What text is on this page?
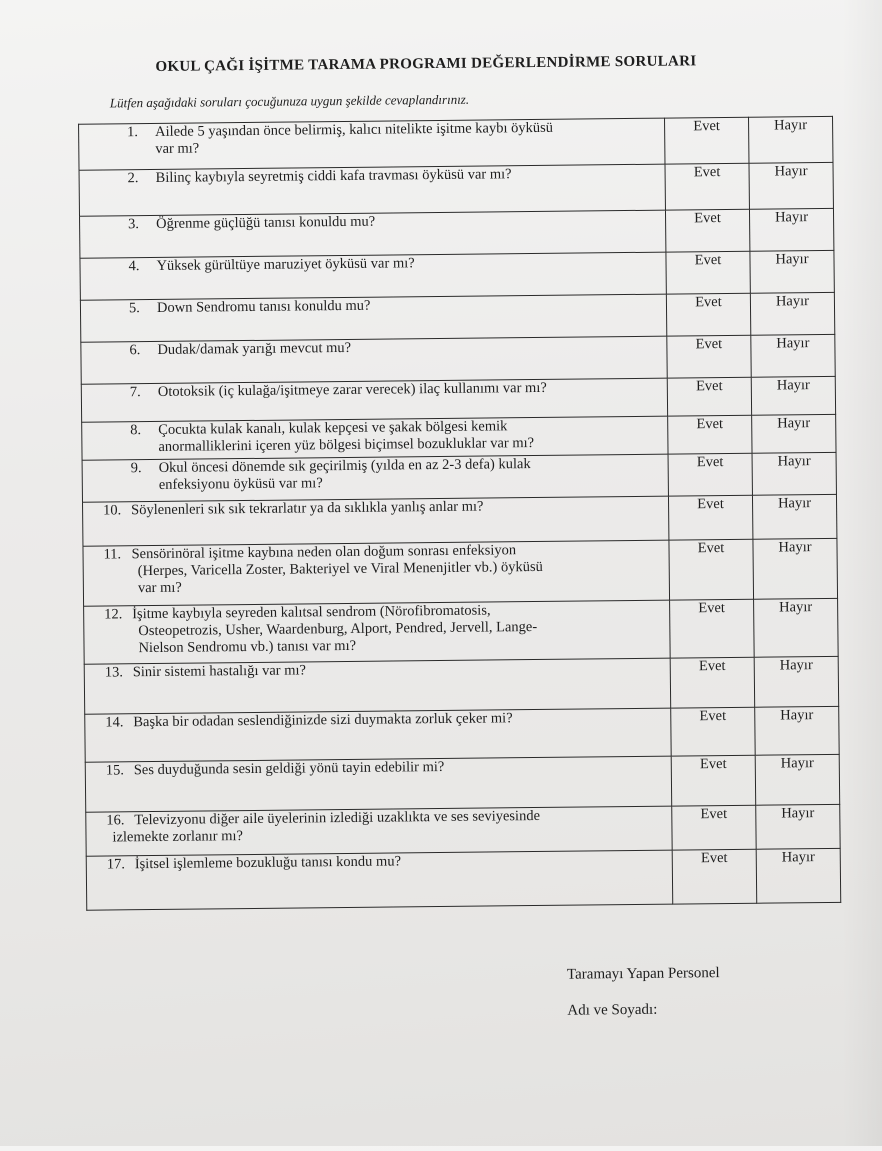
OKUL ÇAĞI İŞİTME TARAMA PROGRAMI DEĞERLENDİRME SORULARI
Lütfen aşağıdaki soruları çocuğunuza uygun şekilde cevaplandırınız.
1. Ailede 5 yaşından önce belirmiş, kalıcı nitelikte işitme kaybı öyküsü
var mı?	Evet	Hayır

2. Bilinç kaybıyla seyretmiş ciddi kafa travması öyküsü var mı?	Evet	Hayır

3. Öğrenme güçlüğü tanısı konuldu mu?	Evet	Hayır

4. Yüksek gürültüye maruziyet öyküsü var mı?	Evet	Hayır

5. Down Sendromu tanısı konuldu mu?	Evet	Hayır

6. Dudak/damak yarığı mevcut mu?	Evet	Hayır

7. Ototoksik (iç kulağa/işitmeye zarar verecek) ilaç kullanımı var mı?	Evet	Hayır

8. Çocukta kulak kanalı, kulak kepçesi ve şakak bölgesi kemik
anormalliklerini içeren yüz bölgesi biçimsel bozukluklar var mı?	Evet	Hayır

9. Okul öncesi dönemde sık geçirilmiş (yılda en az 2-3 defa) kulak
enfeksiyonu öyküsü var mı?	Evet	Hayır

10. Söylenenleri sık sık tekrarlatır ya da sıklıkla yanlış anlar mı?	Evet	Hayır

11. Sensörinöral işitme kaybına neden olan doğum sonrası enfeksiyon
(Herpes, Varicella Zoster, Bakteriyel ve Viral Menenjitler vb.) öyküsü
var mı?	Evet	Hayır

12. İşitme kaybıyla seyreden kalıtsal sendrom (Nörofibromatosis,
Osteopetrozis, Usher, Waardenburg, Alport, Pendred, Jervell, Lange-
Nielson Sendromu vb.) tanısı var mı?	Evet	Hayır

13. Sinir sistemi hastalığı var mı?	Evet	Hayır

14. Başka bir odadan seslendiğinizde sizi duymakta zorluk çeker mi?	Evet	Hayır

15. Ses duyduğunda sesin geldiği yönü tayin edebilir mi?	Evet	Hayır

16. Televizyonu diğer aile üyelerinin izlediği uzaklıkta ve ses seviyesinde
izlemekte zorlanır mı?	Evet	Hayır

17. İşitsel işlemleme bozukluğu tanısı kondu mu?	Evet	Hayır
Taramayı Yapan Personel
Adı ve Soyadı:
